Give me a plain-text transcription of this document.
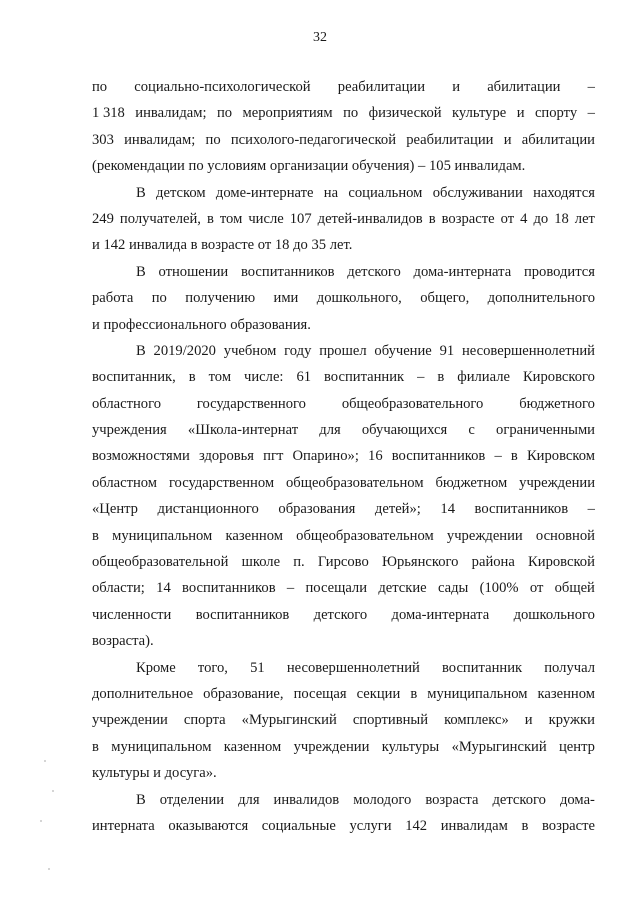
32
по социально-психологической реабилитации и абилитации –
1 318 инвалидам; по мероприятиям по физической культуре и спорту –
303 инвалидам; по психолого-педагогической реабилитации и абилитации
(рекомендации по условиям организации обучения) – 105 инвалидам.
В детском доме-интернате на социальном обслуживании находятся
249 получателей, в том числе 107 детей-инвалидов в возрасте от 4 до 18 лет
и 142 инвалида в возрасте от 18 до 35 лет.
В отношении воспитанников детского дома-интерната проводится
работа по получению ими дошкольного, общего, дополнительного
и профессионального образования.
В 2019/2020 учебном году прошел обучение 91 несовершеннолетний
воспитанник, в том числе: 61 воспитанник – в филиале Кировского
областного государственного общеобразовательного бюджетного
учреждения «Школа-интернат для обучающихся с ограниченными
возможностями здоровья пгт Опарино»; 16 воспитанников – в Кировском
областном государственном общеобразовательном бюджетном учреждении
«Центр дистанционного образования детей»; 14 воспитанников –
в муниципальном казенном общеобразовательном учреждении основной
общеобразовательной школе п. Гирсово Юрьянского района Кировской
области; 14 воспитанников – посещали детские сады (100% от общей
численности воспитанников детского дома-интерната дошкольного
возраста).
Кроме того, 51 несовершеннолетний воспитанник получал
дополнительное образование, посещая секции в муниципальном казенном
учреждении спорта «Мурыгинский спортивный комплекс» и кружки
в муниципальном казенном учреждении культуры «Мурыгинский центр
культуры и досуга».
В отделении для инвалидов молодого возраста детского дома-
интерната оказываются социальные услуги 142 инвалидам в возрасте
